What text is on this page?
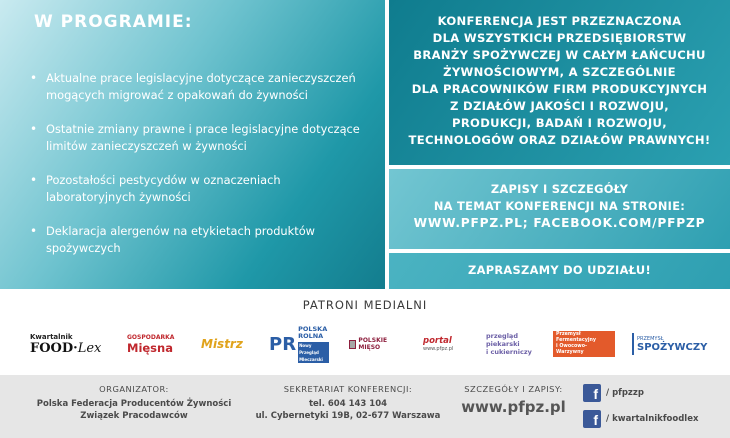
W PROGRAMIE:
• Aktualne prace legislacyjne dotyczące zanieczyszczeń mogących migrować z opakowań do żywności
• Ostatnie zmiany prawne i prace legislacyjne dotyczące limitów zanieczyszczeń w żywności
• Pozostałości pestycydów w oznaczeniach laboratoryjnych żywności
• Deklaracja alergenów na etykietach produktów spożywczych
KONFERENCJA JEST PRZEZNACZONA
DLA WSZYSTKICH PRZEDSIĘBIORSTW
BRANŻY SPOŻYWCZEJ W CAŁYM ŁAŃCUCHU
ŻYWNOŚCIOWYM, A SZCZEGÓLNIE
DLA PRACOWNIKÓW FIRM PRODUKCYJNYCH
Z DZIAŁÓW JAKOŚCI I ROZWOJU,
PRODUKCJI, BADAŃ I ROZWOJU,
TECHNOLOGÓW ORAZ DZIAŁÓW PRAWNYCH!
ZAPISY I SZCZEGÓŁY
NA TEMAT KONFERENCJI NA STRONIE:
WWW.PFPZ.PL; FACEBOOK.COM/PFPZP
ZAPRASZAMY DO UDZIAŁU!
PATRONI MEDIALNI
Kwartalnik
FOOD·Lex
GOSPODARKA
Mięsna Mistrz PR
POLSKA
ROLNA
Nowy Przegląd Mleczarski
POLSKIE MIĘSO
portal
www.pfpz.pl
przegląd
piekarski
i cukierniczy
Przemysł
Fermentacyjny
i Owocowo-Warzywny
PRZEMYSŁ
SPOŻYWCZY
ORGANIZATOR:
Polska Federacja Producentów Żywności
Związek Pracodawców
SEKRETARIAT KONFERENCJI:
tel. 604 143 104
ul. Cybernetyki 19B, 02-677 Warszawa
SZCZEGÓŁY I ZAPISY:
www.pfpz.pl
f / pfpzzp
f / kwartalnikfoodlex
